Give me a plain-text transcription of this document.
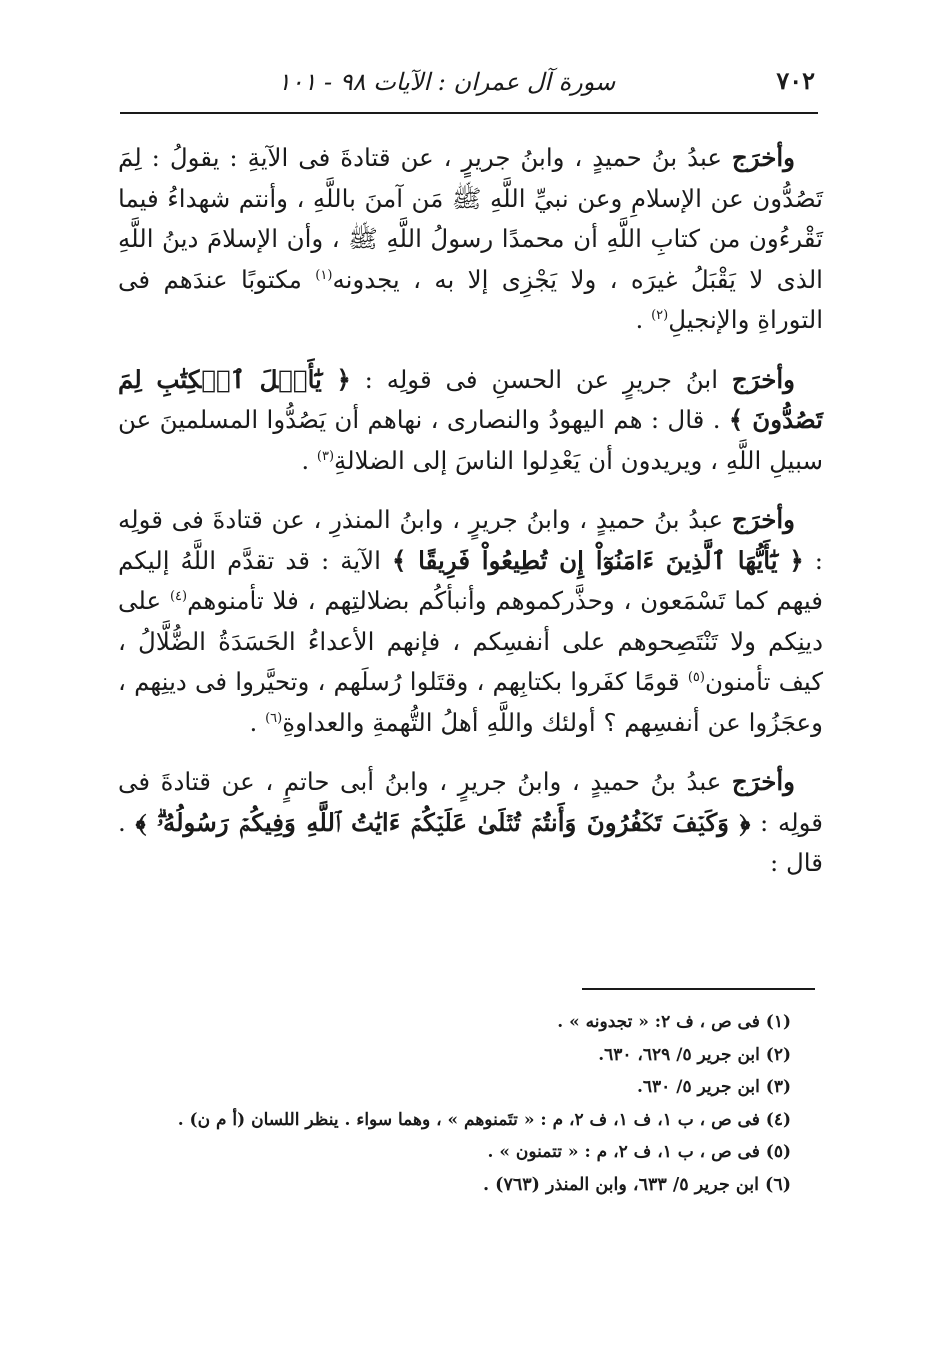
٧٠٢
سورة آل عمران : الآيات ٩٨ - ١٠١

وأخرَج عبدُ بنُ حميدٍ ، وابنُ جريرٍ ، عن قتادةَ فى الآيةِ : يقولُ : لِمَ تَصُدُّون عن الإسلامِ وعن نبيِّ اللَّهِ ﷺ مَن آمنَ باللَّهِ ، وأنتم شهداءُ فيما تَقْرءُون من كتابِ اللَّهِ أن محمدًا رسولُ اللَّهِ ﷺ ، وأن الإسلامَ دينُ اللَّهِ الذى لا يَقْبَلُ غيرَه ، ولا يَجْزِى إلا به ، يجدونه$^{(١)}$ مكتوبًا عندَهم فى التوراةِ والإنجيلِ$^{(٢)}$ .

وأخرَج ابنُ جريرٍ عن الحسنِ فى قولِه : ﴿ يَٰٓأَهۡلَ ٱلۡكِتَٰبِ لِمَ تَصُدُّونَ ﴾ . قال : هم اليهودُ والنصارى ، نهاهم أن يَصُدُّوا المسلمينَ عن سبيلِ اللَّهِ ، ويريدون أن يَعْدِلوا الناسَ إلى الضلالةِ$^{(٣)}$ .

وأخرَج عبدُ بنُ حميدٍ ، وابنُ جريرٍ ، وابنُ المنذرِ ، عن قتادةَ فى قولِه : ﴿ يَٰٓأَيُّهَا ٱلَّذِينَ ءَامَنُوٓاْ إِن تُطِيعُواْ فَرِيقًا ﴾ الآية : قد تقدَّم اللَّهُ إليكم فيهم كما تَسْمَعون ، وحذَّركموهم وأنبأكُم بضلالتِهم ، فلا تأمنوهم$^{(٤)}$ على دينِكم ولا تَنْتَصِحوهم على أنفسِكم ، فإنهم الأعداءُ الحَسَدَةُ الضُّلَّالُ ، كيف تأمنون$^{(٥)}$ قومًا كفَروا بكتابِهم ، وقتَلوا رُسلَهم ، وتحيَّروا فى دينِهم ، وعجَزُوا عن أنفسِهم ؟ أولئك واللَّهِ أهلُ التُّهمةِ والعداوةِ$^{(٦)}$ .

وأخرَج عبدُ بنُ حميدٍ ، وابنُ جريرٍ ، وابنُ أبى حاتمٍ ، عن قتادةَ فى قولِه : ﴿ وَكَيۡفَ تَكۡفُرُونَ وَأَنتُمۡ تُتۡلَىٰ عَلَيۡكُمۡ ءَايَٰتُ ٱللَّهِ وَفِيكُمۡ رَسُولُهُۥۗ ﴾ . قال :

(١) فى ص ، ف ٢: « تجدونه » .

(٢) ابن جرير ٥/ ٦٢٩، ٦٣٠.

(٣) ابن جرير ٥/ ٦٣٠.

(٤) فى ص ، ب ١، ف ١، ف ٢، م : « تتَمنوهم » ، وهما سواء . ينظر اللسان (أ م ن) .

(٥) فى ص ، ب ١، ف ٢، م : « تتمنون » .

(٦) ابن جرير ٥/ ٦٣٣، وابن المنذر (٧٦٣) .
